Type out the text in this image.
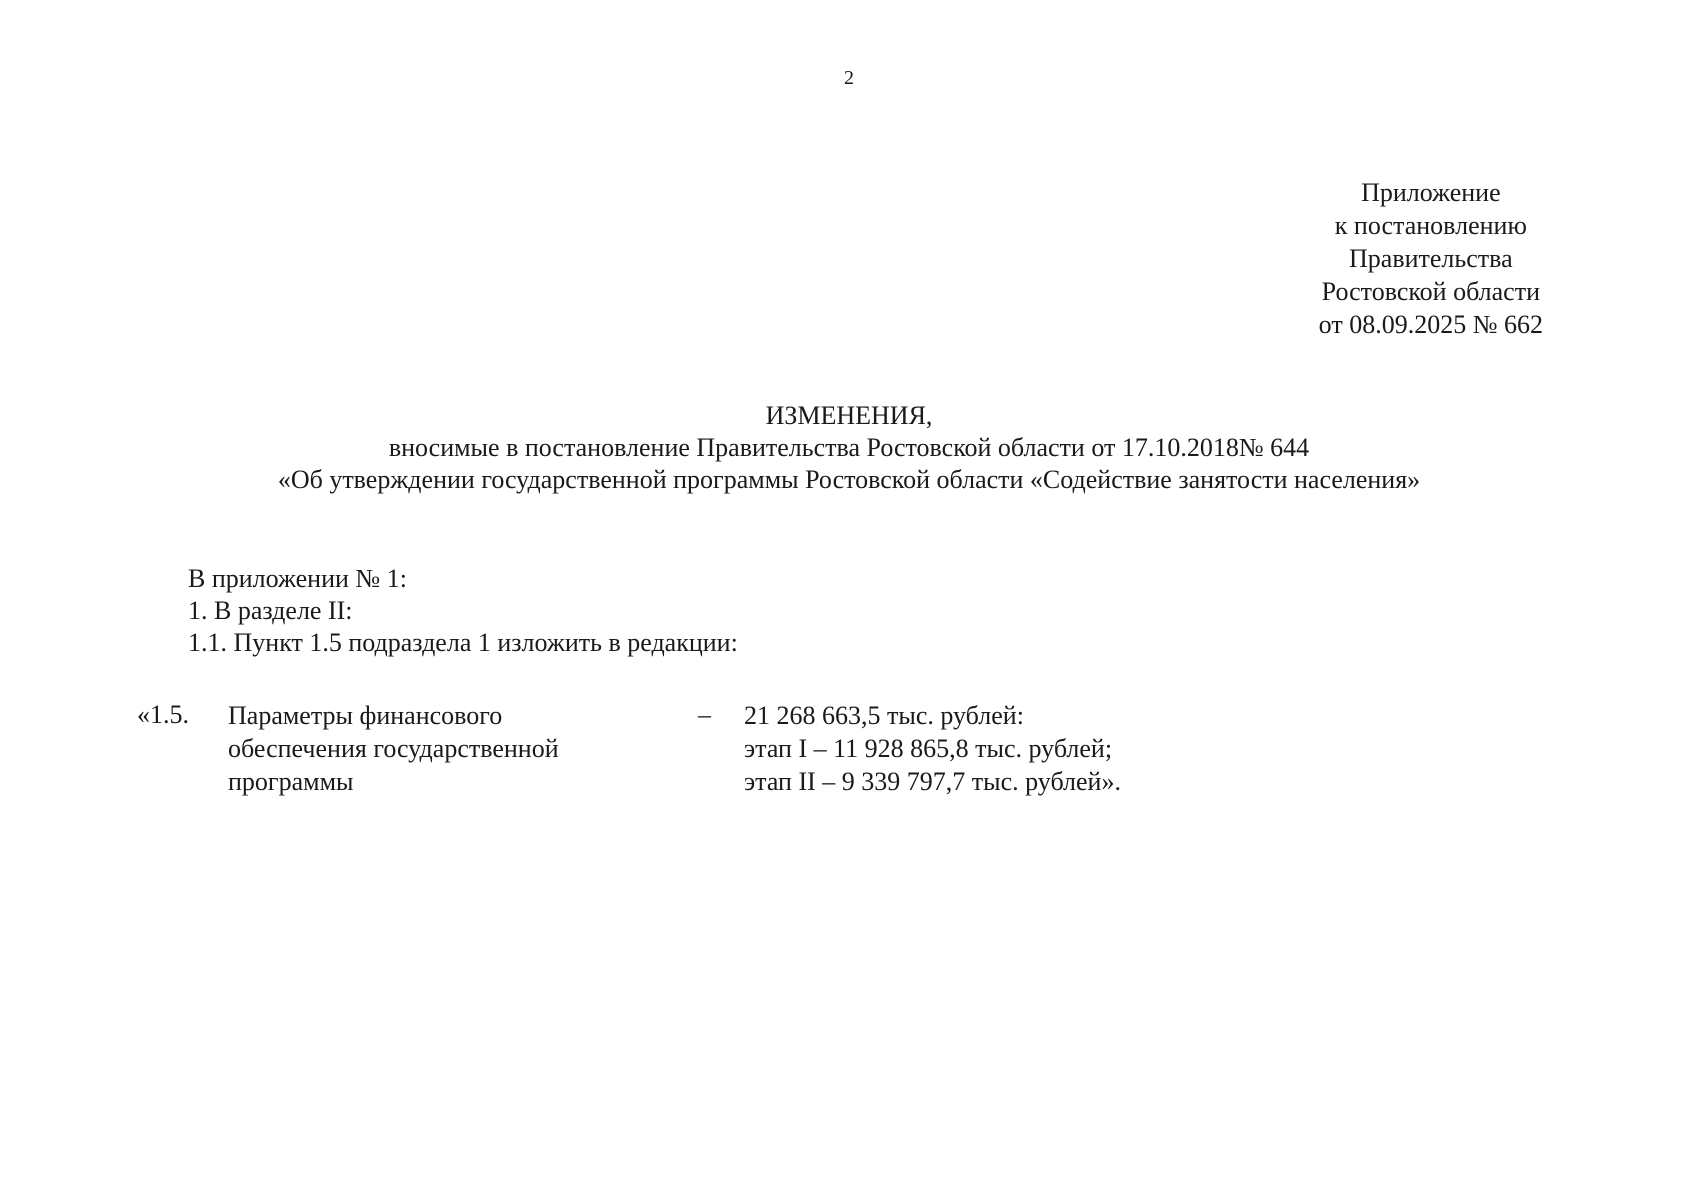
2
Приложение
к постановлению
Правительства
Ростовской области
от 08.09.2025 № 662
ИЗМЕНЕНИЯ,
вносимые в постановление Правительства Ростовской области от 17.10.2018№ 644
«Об утверждении государственной программы Ростовской области «Содействие занятости населения»
В приложении № 1:
1. В разделе II:
1.1. Пункт 1.5 подраздела 1 изложить в редакции:
«1.5. Параметры финансового
обеспечения государственной
программы
– 21 268 663,5 тыс. рублей:
этап I – 11 928 865,8 тыс. рублей;
этап II – 9 339 797,7 тыс. рублей».
